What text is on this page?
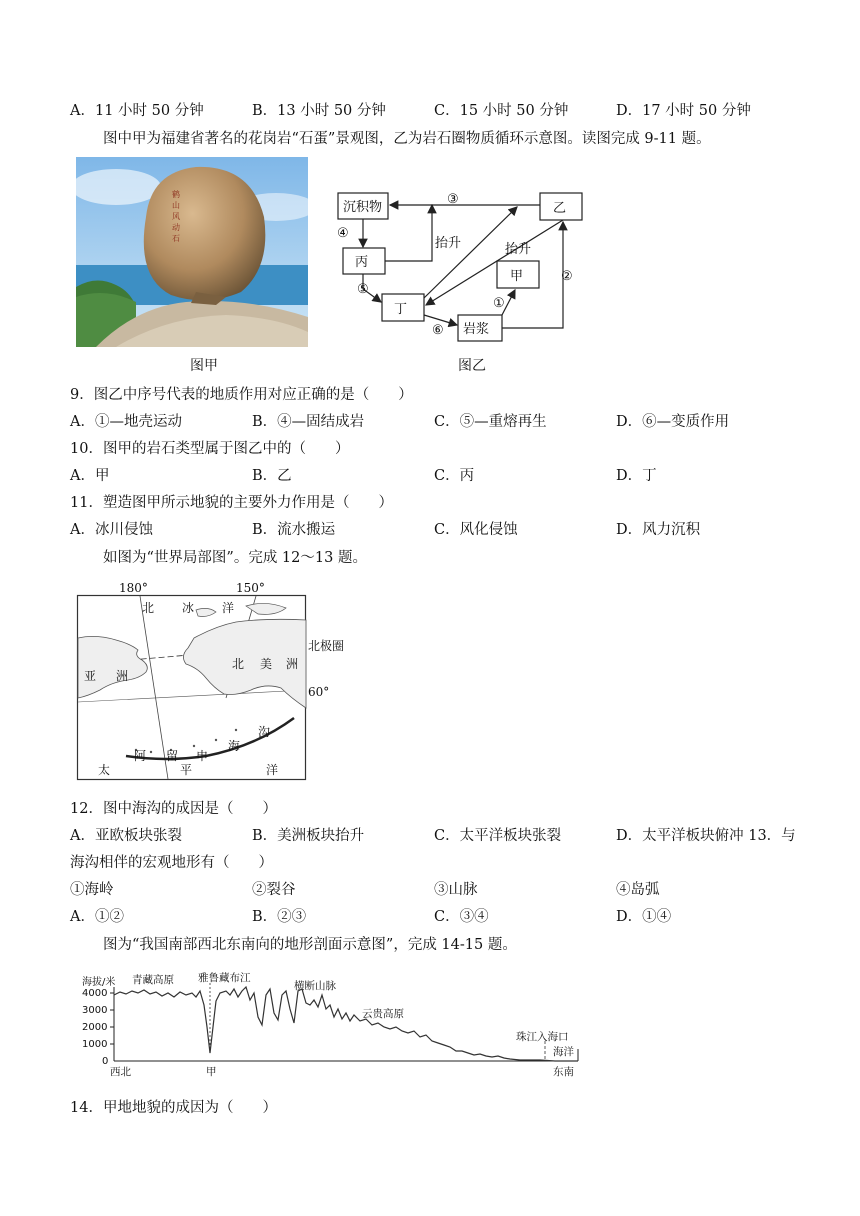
A．11 小时 50 分钟	B．13 小时 50 分钟	C．15 小时 50 分钟	D．17 小时 50 分钟
图中甲为福建省著名的花岗岩“石蛋”景观图，乙为岩石圈物质循环示意图。读图完成 9-11 题。
鹤山风动石
沉积物
丙
丁
甲
乙
岩浆
抬升	抬升
③
④
⑤
⑥
①
②
图甲	图乙
9．图乙中序号代表的地质作用对应正确的是（　　）
A．①—地壳运动	B．④—固结成岩	C．⑤—重熔再生	D．⑥—变质作用
10．图甲的岩石类型属于图乙中的（　　）
A．甲	B．乙	C．丙	D．丁
11．塑造图甲所示地貌的主要外力作用是（　　）
A．冰川侵蚀	B．流水搬运	C．风化侵蚀	D．风力沉积
如图为“世界局部图”。完成 12～13 题。
180°	150°
北极圈
60°
北 冰 洋
北 美 洲
亚 洲
阿 留 申
海
沟
太	平	洋
12．图中海沟的成因是（　　）
A．亚欧板块张裂	B．美洲板块抬升	C．太平洋板块张裂	D．太平洋板块俯冲 13．与
海沟相伴的宏观地形有（　　）
①海岭	②裂谷	③山脉	④岛弧
A．①②	B．②③	C．③④	D．①④
图为“我国南部西北东南向的地形剖面示意图”，完成 14-15 题。
海拔/米
4000
3000
2000
1000
0
青藏高原 雅鲁藏布江
横断山脉
云贵高原
珠江入海口
海洋
甲
西北	东南
14．甲地地貌的成因为（　　）
